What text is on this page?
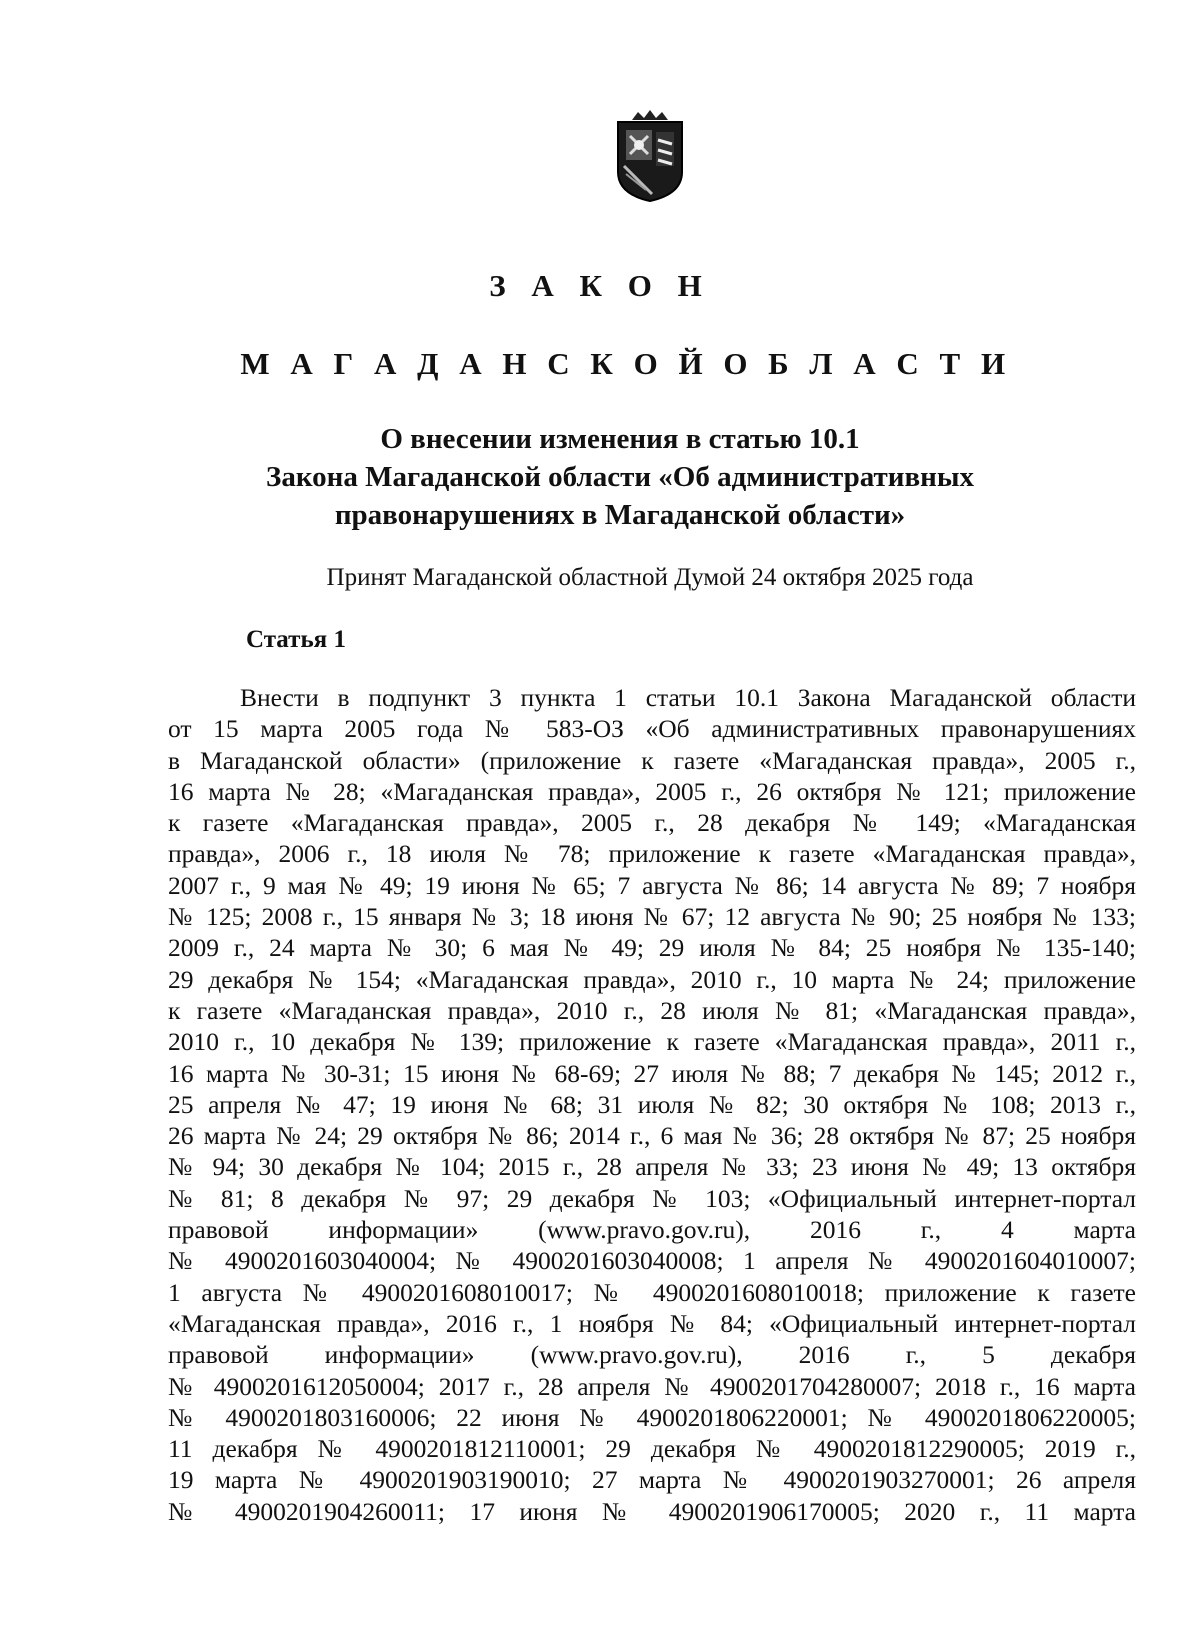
З А К О Н
М А Г А Д А Н С К О Й О Б Л А С Т И
О внесении изменения в статью 10.1
Закона Магаданской области «Об административных
правонарушениях в Магаданской области»
Принят Магаданской областной Думой 24 октября 2025 года
Статья 1
Внести в подпункт 3 пункта 1 статьи 10.1 Закона Магаданской области
от 15 марта 2005 года № 583-ОЗ «Об административных правонарушениях
в Магаданской области» (приложение к газете «Магаданская правда», 2005 г.,
16 марта № 28; «Магаданская правда», 2005 г., 26 октября № 121; приложение
к газете «Магаданская правда», 2005 г., 28 декабря № 149; «Магаданская
правда», 2006 г., 18 июля № 78; приложение к газете «Магаданская правда»,
2007 г., 9 мая № 49; 19 июня № 65; 7 августа № 86; 14 августа № 89; 7 ноября
№ 125; 2008 г., 15 января № 3; 18 июня № 67; 12 августа № 90; 25 ноября № 133;
2009 г., 24 марта № 30; 6 мая № 49; 29 июля № 84; 25 ноября № 135-140;
29 декабря № 154; «Магаданская правда», 2010 г., 10 марта № 24; приложение
к газете «Магаданская правда», 2010 г., 28 июля № 81; «Магаданская правда»,
2010 г., 10 декабря № 139; приложение к газете «Магаданская правда», 2011 г.,
16 марта № 30-31; 15 июня № 68-69; 27 июля № 88; 7 декабря № 145; 2012 г.,
25 апреля № 47; 19 июня № 68; 31 июля № 82; 30 октября № 108; 2013 г.,
26 марта № 24; 29 октября № 86; 2014 г., 6 мая № 36; 28 октября № 87; 25 ноября
№ 94; 30 декабря № 104; 2015 г., 28 апреля № 33; 23 июня № 49; 13 октября
№ 81; 8 декабря № 97; 29 декабря № 103; «Официальный интернет-портал
правовой информации» (www.pravo.gov.ru), 2016 г., 4 марта
№ 4900201603040004; № 4900201603040008; 1 апреля № 4900201604010007;
1 августа № 4900201608010017; № 4900201608010018; приложение к газете
«Магаданская правда», 2016 г., 1 ноября № 84; «Официальный интернет-портал
правовой информации» (www.pravo.gov.ru), 2016 г., 5 декабря
№ 4900201612050004; 2017 г., 28 апреля № 4900201704280007; 2018 г., 16 марта
№ 4900201803160006; 22 июня № 4900201806220001; № 4900201806220005;
11 декабря № 4900201812110001; 29 декабря № 4900201812290005; 2019 г.,
19 марта № 4900201903190010; 27 марта № 4900201903270001; 26 апреля
№ 4900201904260011; 17 июня № 4900201906170005; 2020 г., 11 марта
